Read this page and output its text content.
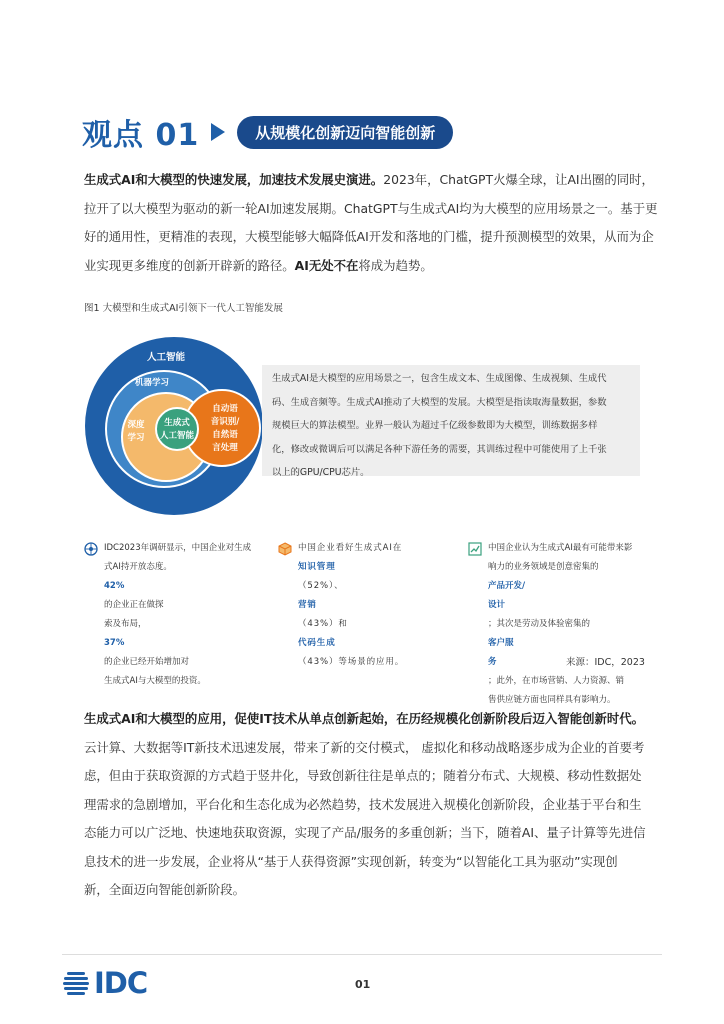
观点 01	从规模化创新迈向智能创新
生成式AI和大模型的快速发展，加速技术发展史演进。2023年，ChatGPT火爆全球，让AI出圈的同时，
拉开了以大模型为驱动的新一轮AI加速发展期。ChatGPT与生成式AI均为大模型的应用场景之一。基于更
好的通用性，更精准的表现，大模型能够大幅降低AI开发和落地的门槛，提升预测模型的效果，从而为企
业实现更多维度的创新开辟新的路径。AI无处不在将成为趋势。
图1 大模型和生成式AI引领下一代人工智能发展
人工智能
机器学习
深度
学习
生成式
人工智能
自动语
音识别/
自然语
言处理
生成式AI是大模型的应用场景之一，包含生成文本、生成图像、生成视频、生成代
码、生成音频等。生成式AI推动了大模型的发展。大模型是指读取海量数据，参数
规模巨大的算法模型。业界一般认为超过千亿级参数即为大模型，训练数据多样
化，修改或微调后可以满足各种下游任务的需要，其训练过程中可能使用了上千张
以上的GPU/CPU芯片。
IDC2023年调研显示，中国企业对生成
式AI持开放态度。
42%
的企业正在做探
索及布局，
37%
的企业已经开始增加对
生成式AI与大模型的投资。
中国企业看好生成式AI在
知识管理
（52%）、
营销
（43%）和
代码生成
（43%）等场景的应用。
中国企业认为生成式AI最有可能带来影
响力的业务领域是创意密集的
产品开发/
设计
；其次是劳动及体验密集的
客户服
务
；此外，在市场营销、人力资源、销
售供应链方面也同样具有影响力。
来源：IDC，2023
生成式AI和大模型的应用，促使IT技术从单点创新起始，在历经规模化创新阶段后迈入智能创新时代。
云计算、大数据等IT新技术迅速发展，带来了新的交付模式， 虚拟化和移动战略逐步成为企业的首要考
虑，但由于获取资源的方式趋于竖井化，导致创新往往是单点的；随着分布式、大规模、移动性数据处
理需求的急剧增加，平台化和生态化成为必然趋势，技术发展进入规模化创新阶段，企业基于平台和生
态能力可以广泛地、快速地获取资源，实现了产品/服务的多重创新；当下，随着AI、量子计算等先进信
息技术的进一步发展，企业将从“基于人获得资源”实现创新，转变为“以智能化工具为驱动”实现创
新，全面迈向智能创新阶段。
IDC	01
